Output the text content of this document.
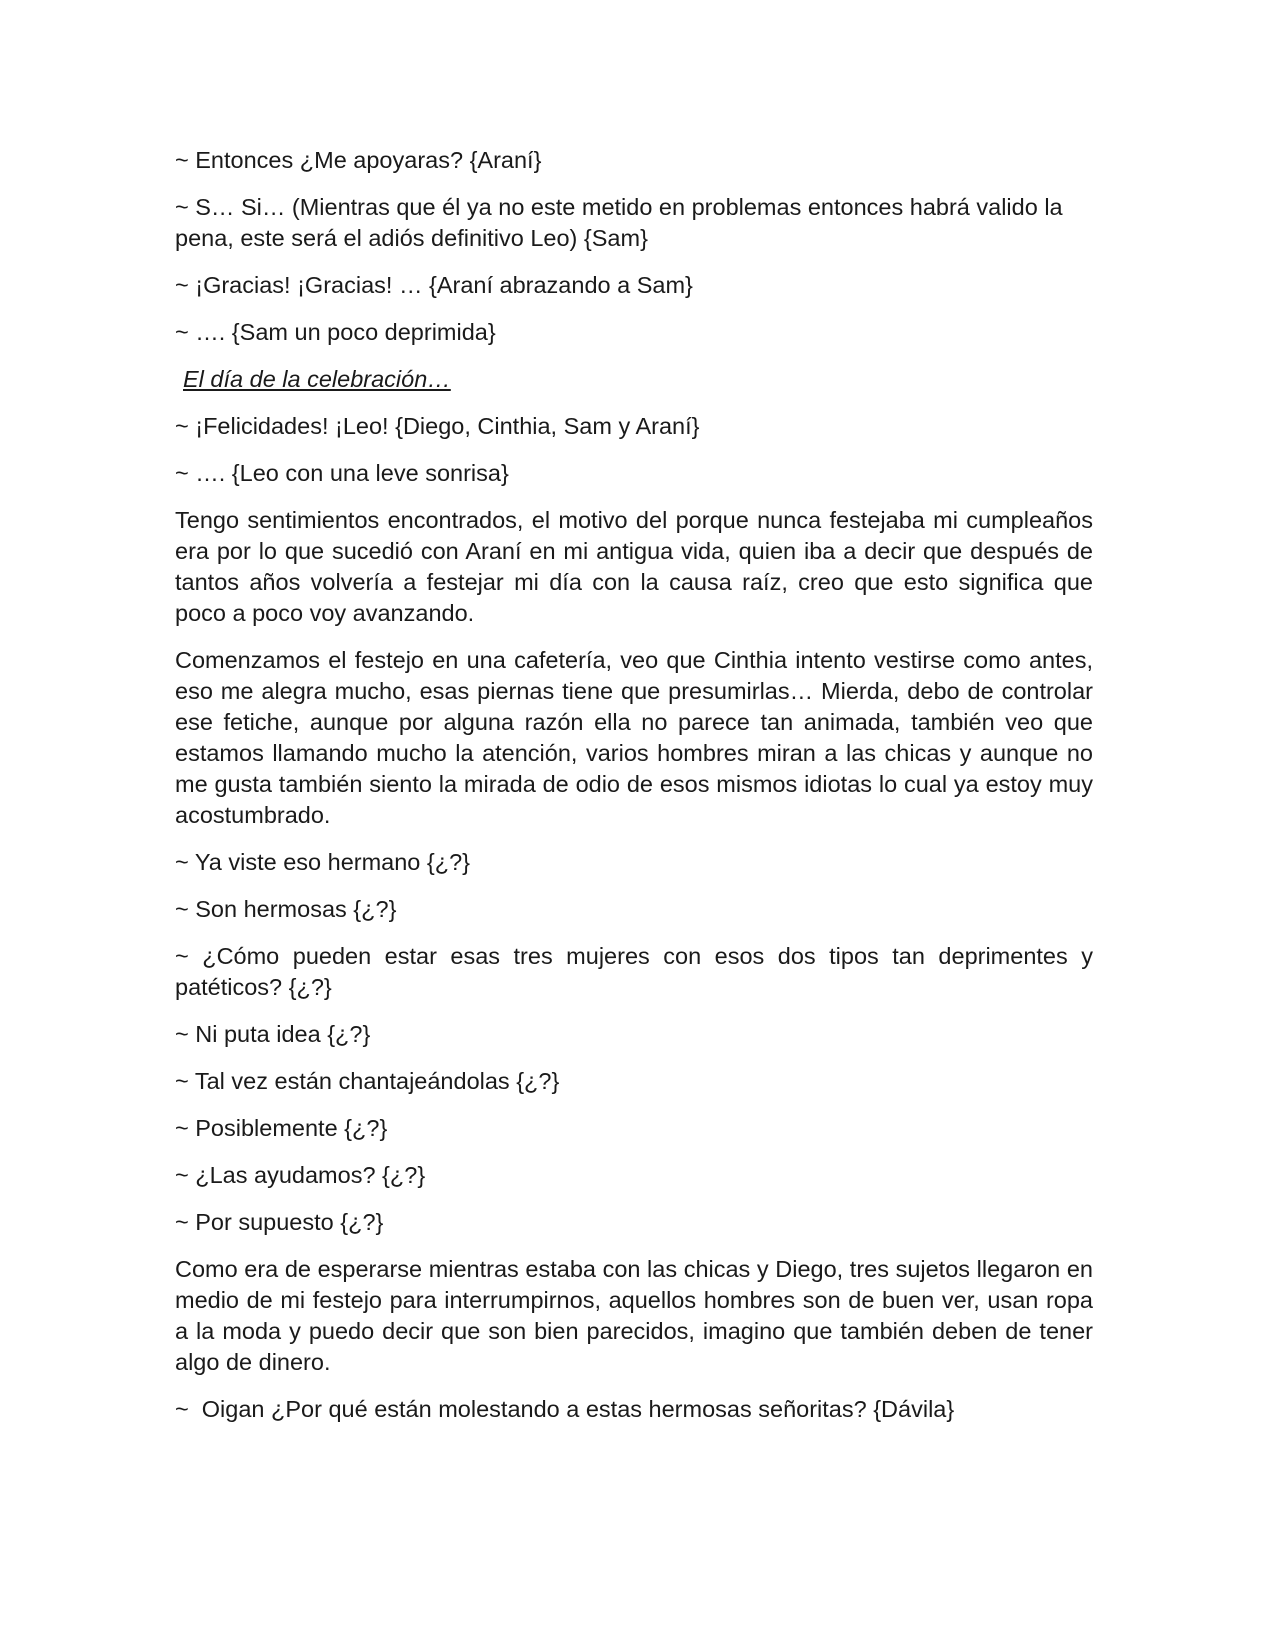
~ Entonces ¿Me apoyaras? {Araní}

~ S… Si… (Mientras que él ya no este metido en problemas entonces habrá valido la pena, este será el adiós definitivo Leo) {Sam}

~ ¡Gracias! ¡Gracias! … {Araní abrazando a Sam}

~ …. {Sam un poco deprimida}

El día de la celebración…

~ ¡Felicidades! ¡Leo! {Diego, Cinthia, Sam y Araní}

~ …. {Leo con una leve sonrisa}

Tengo sentimientos encontrados, el motivo del porque nunca festejaba mi cumpleaños era por lo que sucedió con Araní en mi antigua vida, quien iba a decir que después de tantos años volvería a festejar mi día con la causa raíz, creo que esto significa que poco a poco voy avanzando.

Comenzamos el festejo en una cafetería, veo que Cinthia intento vestirse como antes, eso me alegra mucho, esas piernas tiene que presumirlas… Mierda, debo de controlar ese fetiche, aunque por alguna razón ella no parece tan animada, también veo que estamos llamando mucho la atención, varios hombres miran a las chicas y aunque no me gusta también siento la mirada de odio de esos mismos idiotas lo cual ya estoy muy acostumbrado.

~ Ya viste eso hermano {¿?}

~ Son hermosas {¿?}

~ ¿Cómo pueden estar esas tres mujeres con esos dos tipos tan deprimentes y patéticos? {¿?}

~ Ni puta idea {¿?}

~ Tal vez están chantajeándolas {¿?}

~ Posiblemente {¿?}

~ ¿Las ayudamos? {¿?}

~ Por supuesto {¿?}

Como era de esperarse mientras estaba con las chicas y Diego, tres sujetos llegaron en medio de mi festejo para interrumpirnos, aquellos hombres son de buen ver, usan ropa a la moda y puedo decir que son bien parecidos, imagino que también deben de tener algo de dinero.

~  Oigan ¿Por qué están molestando a estas hermosas señoritas? {Dávila}
